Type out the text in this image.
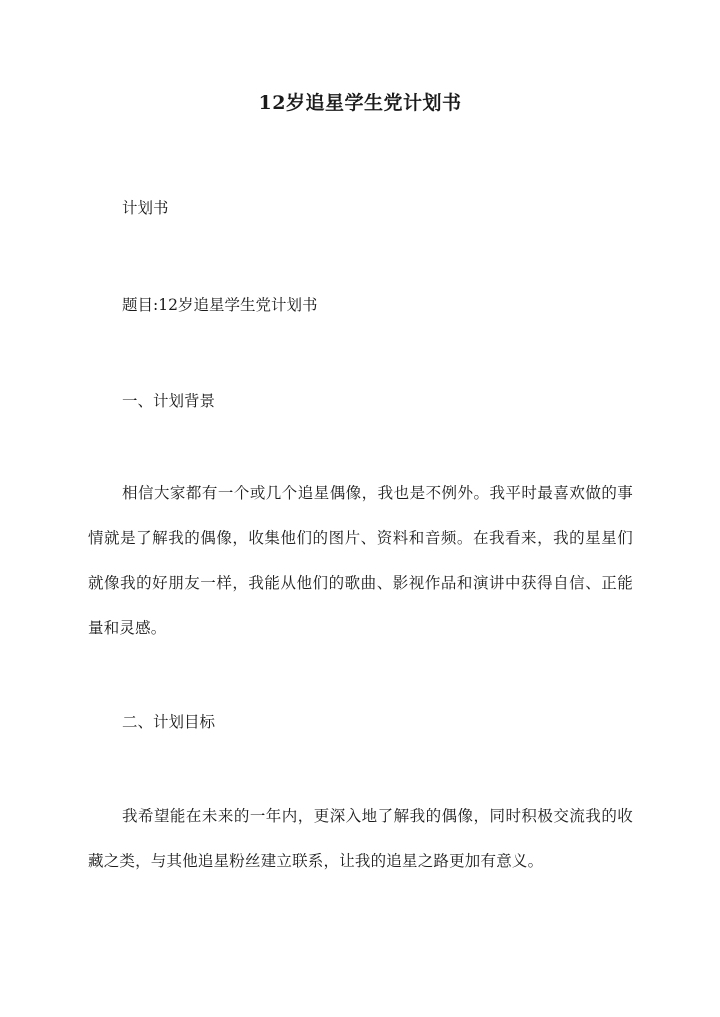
12岁追星学生党计划书
计划书
题目:12岁追星学生党计划书
一、计划背景
相信大家都有一个或几个追星偶像，我也是不例外。我平时最喜欢做的事情就是了解我的偶像，收集他们的图片、资料和音频。在我看来，我的星星们就像我的好朋友一样，我能从他们的歌曲、影视作品和演讲中获得自信、正能量和灵感。
二、计划目标
我希望能在未来的一年内，更深入地了解我的偶像，同时积极交流我的收藏之类，与其他追星粉丝建立联系，让我的追星之路更加有意义。
